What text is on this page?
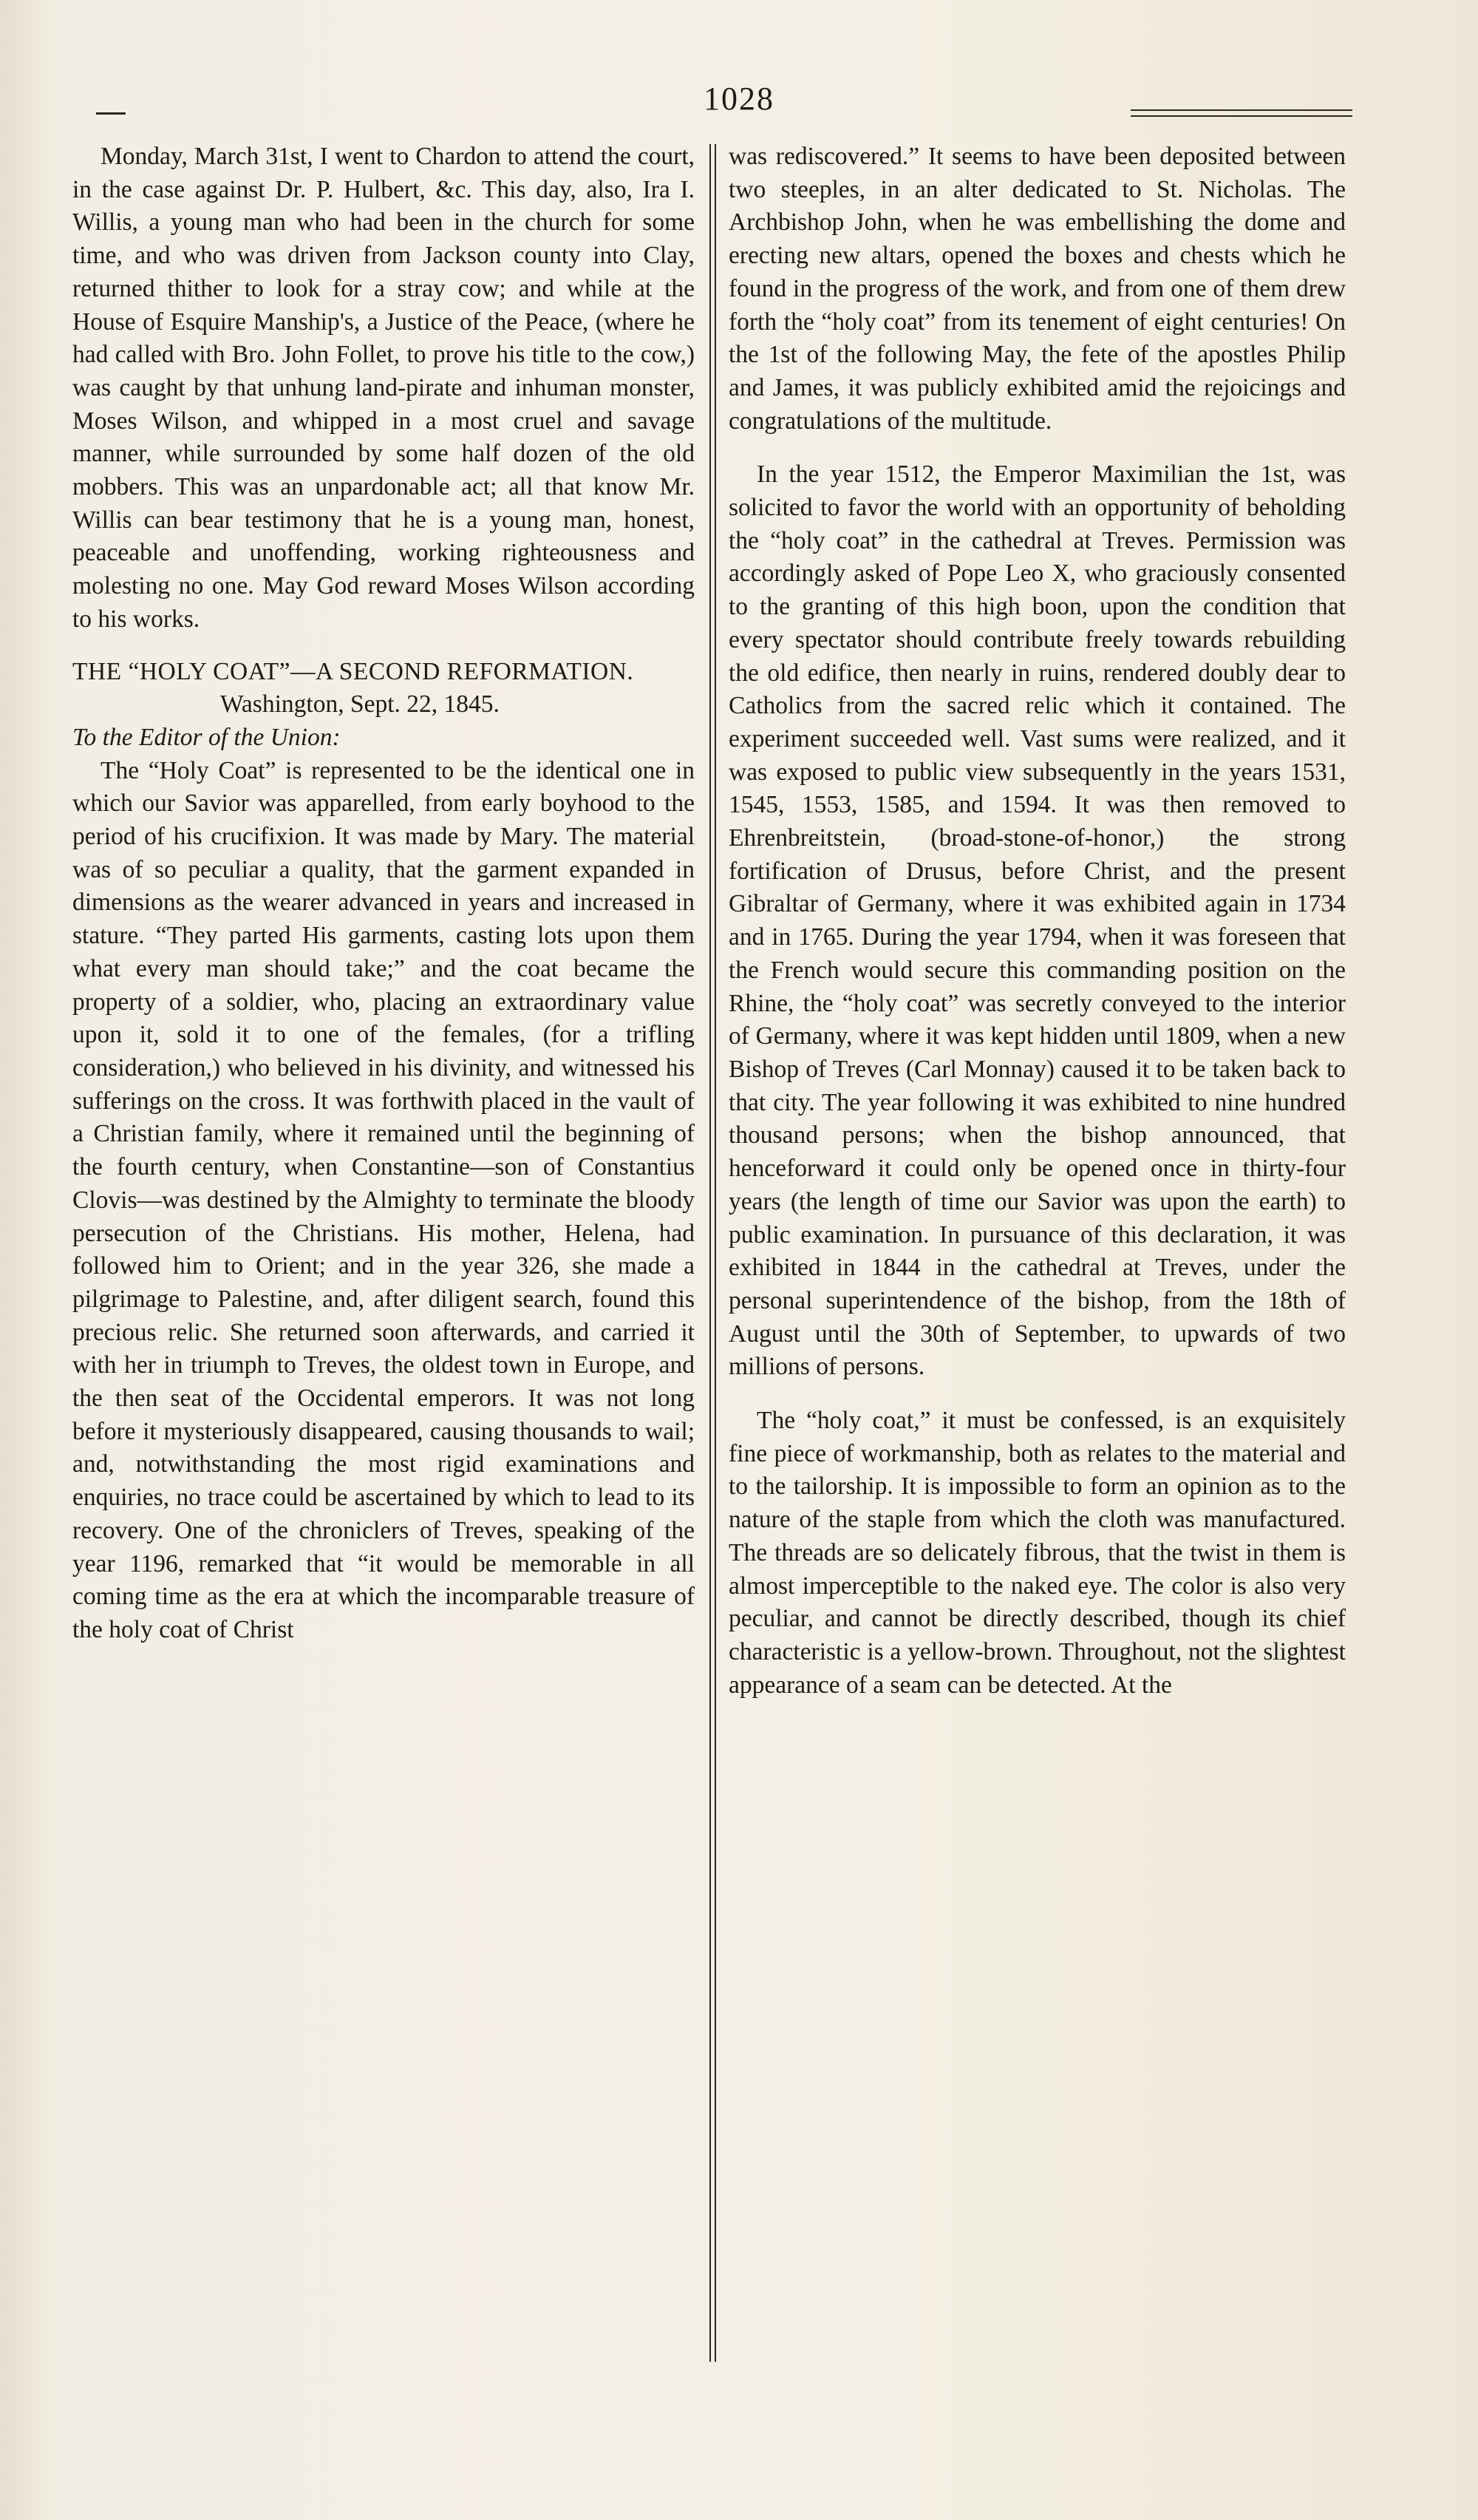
1028

Monday, March 31st, I went to Chardon to attend the court, in the case against Dr. P. Hulbert, &c. This day, also, Ira I. Willis, a young man who had been in the church for some time, and who was driven from Jackson county into Clay, returned thither to look for a stray cow; and while at the House of Esquire Manship's, a Justice of the Peace, (where he had called with Bro. John Follet, to prove his title to the cow,) was caught by that unhung land-pirate and inhuman monster, Moses Wilson, and whipped in a most cruel and savage manner, while surrounded by some half dozen of the old mobbers. This was an unpardonable act; all that know Mr. Willis can bear testimony that he is a young man, honest, peaceable and unoffending, working righteousness and molesting no one. May God reward Moses Wilson according to his works.

THE “HOLY COAT”—A SECOND REFORMATION.

Washington, Sept. 22, 1845.

To the Editor of the Union:

The “Holy Coat” is represented to be the identical one in which our Savior was apparelled, from early boyhood to the period of his crucifixion. It was made by Mary. The material was of so peculiar a quality, that the garment expanded in dimensions as the wearer advanced in years and increased in stature. “They parted His garments, casting lots upon them what every man should take;” and the coat became the property of a soldier, who, placing an extraordinary value upon it, sold it to one of the females, (for a trifling consideration,) who believed in his divinity, and witnessed his sufferings on the cross. It was forthwith placed in the vault of a Christian family, where it remained until the beginning of the fourth century, when Constantine—son of Constantius Clovis—was destined by the Almighty to terminate the bloody persecution of the Christians. His mother, Helena, had followed him to Orient; and in the year 326, she made a pilgrimage to Palestine, and, after diligent search, found this precious relic. She returned soon afterwards, and carried it with her in triumph to Treves, the oldest town in Europe, and the then seat of the Occidental emperors. It was not long before it mysteriously disappeared, causing thousands to wail; and, notwithstanding the most rigid examinations and enquiries, no trace could be ascertained by which to lead to its recovery. One of the chroniclers of Treves, speaking of the year 1196, remarked that “it would be memorable in all coming time as the era at which the incomparable treasure of the holy coat of Christ

was rediscovered.” It seems to have been deposited between two steeples, in an alter dedicated to St. Nicholas. The Archbishop John, when he was embellishing the dome and erecting new altars, opened the boxes and chests which he found in the progress of the work, and from one of them drew forth the “holy coat” from its tenement of eight centuries! On the 1st of the following May, the fete of the apostles Philip and James, it was publicly exhibited amid the rejoicings and congratulations of the multitude.

In the year 1512, the Emperor Maximilian the 1st, was solicited to favor the world with an opportunity of beholding the “holy coat” in the cathedral at Treves. Permission was accordingly asked of Pope Leo X, who graciously consented to the granting of this high boon, upon the condition that every spectator should contribute freely towards rebuilding the old edifice, then nearly in ruins, rendered doubly dear to Catholics from the sacred relic which it contained. The experiment succeeded well. Vast sums were realized, and it was exposed to public view subsequently in the years 1531, 1545, 1553, 1585, and 1594. It was then removed to Ehrenbreitstein, (broad-stone-of-honor,) the strong fortification of Drusus, before Christ, and the present Gibraltar of Germany, where it was exhibited again in 1734 and in 1765. During the year 1794, when it was foreseen that the French would secure this commanding position on the Rhine, the “holy coat” was secretly conveyed to the interior of Germany, where it was kept hidden until 1809, when a new Bishop of Treves (Carl Monnay) caused it to be taken back to that city. The year following it was exhibited to nine hundred thousand persons; when the bishop announced, that henceforward it could only be opened once in thirty-four years (the length of time our Savior was upon the earth) to public examination. In pursuance of this declaration, it was exhibited in 1844 in the cathedral at Treves, under the personal superintendence of the bishop, from the 18th of August until the 30th of September, to upwards of two millions of persons.

The “holy coat,” it must be confessed, is an exquisitely fine piece of workmanship, both as relates to the material and to the tailorship. It is impossible to form an opinion as to the nature of the staple from which the cloth was manufactured. The threads are so delicately fibrous, that the twist in them is almost imperceptible to the naked eye. The color is also very peculiar, and cannot be directly described, though its chief characteristic is a yellow-brown. Throughout, not the slightest appearance of a seam can be detected. At the
